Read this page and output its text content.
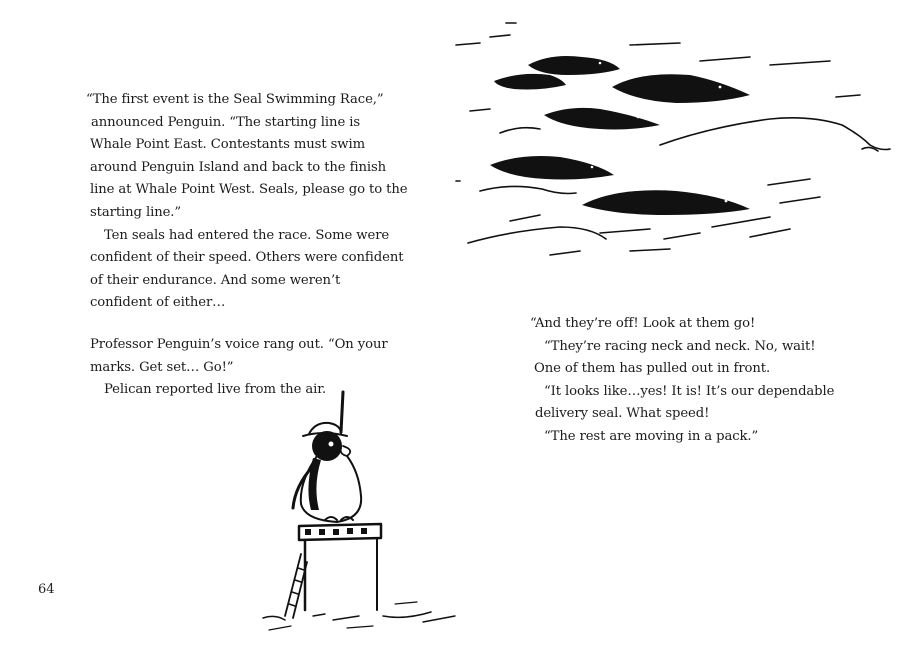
“The first event is the Seal Swimming Race,”

announced Penguin. “The starting line is

Whale Point East. Contestants must swim

around Penguin Island and back to the finish

line at Whale Point West. Seals, please go to the

starting line.”

Ten seals had entered the race. Some were

confident of their speed. Others were confident

of their endurance. And some weren’t

confident of either…

Professor Penguin’s voice rang out. “On your

marks. Get set… Go!”

Pelican reported live from the air.

64

“And they’re off! Look at them go!

“They’re racing neck and neck. No, wait!

One of them has pulled out in front.

“It looks like…yes! It is! It’s our dependable

delivery seal. What speed!

“The rest are moving in a pack.”
